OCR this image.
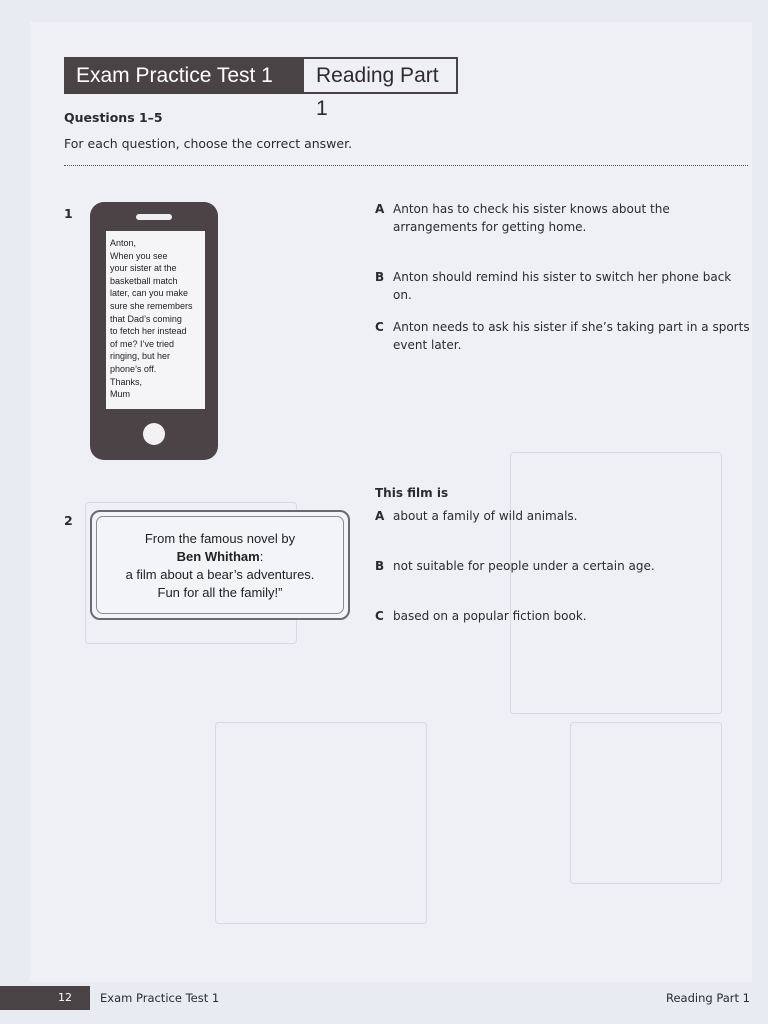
Exam Practice Test 1	Reading Part 1
Questions 1–5
For each question, choose the correct answer.
1
Anton,
When you see
your sister at the
basketball match
later, can you make
sure she remembers
that Dad’s coming
to fetch her instead
of me? I’ve tried
ringing, but her
phone’s off.
Thanks,
Mum
A Anton has to check his sister knows about the arrangements for getting home.
B Anton should remind his sister to switch her phone back on.
C Anton needs to ask his sister if she’s taking part in a sports event later.
2
From the famous novel by
Ben Whitham:
a film about a bear’s adventures.
Fun for all the family!”
This film is
A about a family of wild animals.
B not suitable for people under a certain age.
C based on a popular fiction book.
12 Exam Practice Test 1	Reading Part 1
